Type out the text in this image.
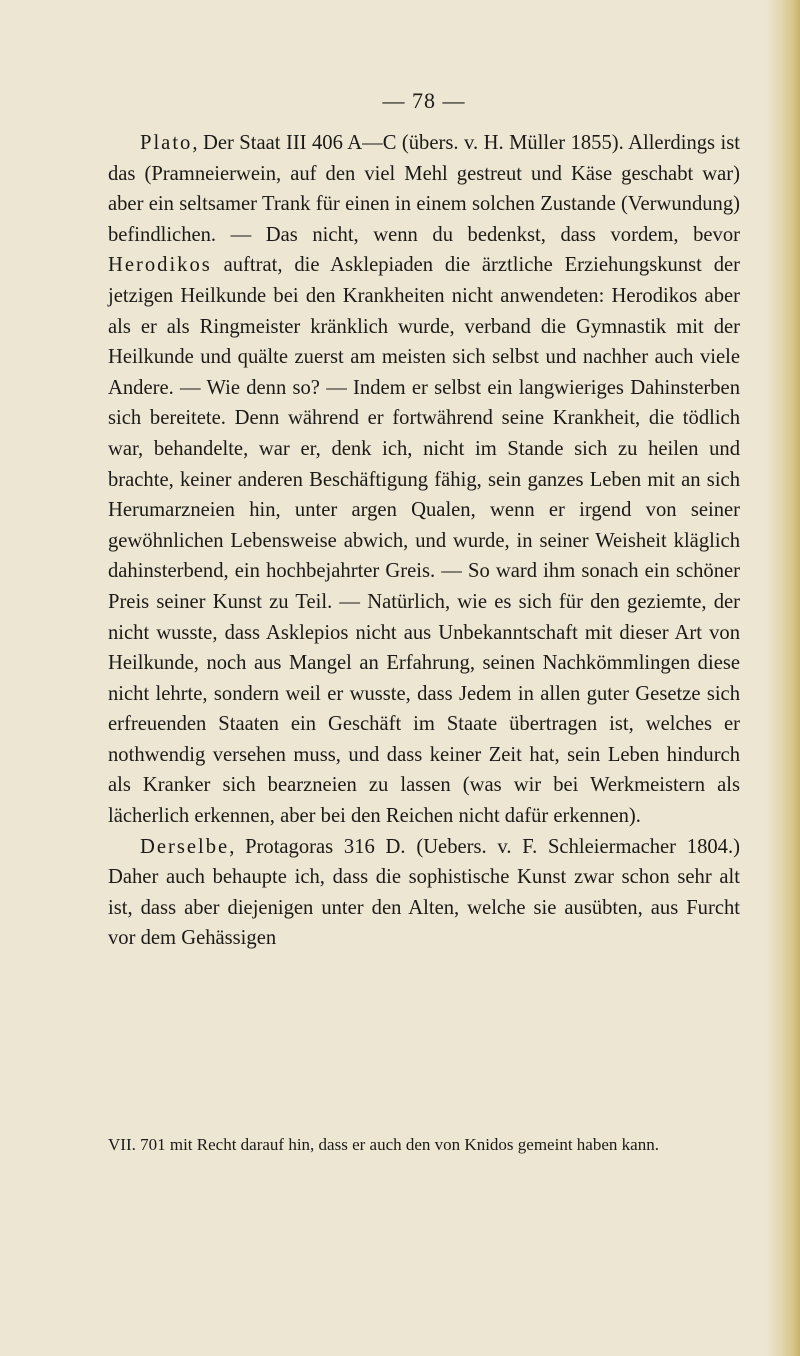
— 78 —

Plato, Der Staat III 406 A—C (übers. v. H. Müller 1855). Allerdings ist das (Pramneierwein, auf den viel Mehl gestreut und Käse geschabt war) aber ein seltsamer Trank für einen in einem solchen Zustande (Verwundung) befindlichen. — Das nicht, wenn du bedenkst, dass vordem, bevor Herodikos auftrat, die Asklepiaden die ärztliche Erziehungskunst der jetzigen Heilkunde bei den Krankheiten nicht anwendeten: Herodikos aber als er als Ringmeister kränklich wurde, verband die Gymnastik mit der Heilkunde und quälte zuerst am meisten sich selbst und nachher auch viele Andere. — Wie denn so? — Indem er selbst ein langwieriges Dahinsterben sich bereitete. Denn während er fortwährend seine Krankheit, die tödlich war, behandelte, war er, denk ich, nicht im Stande sich zu heilen und brachte, keiner anderen Beschäftigung fähig, sein ganzes Leben mit an sich Herumarzneien hin, unter argen Qualen, wenn er irgend von seiner gewöhnlichen Lebensweise abwich, und wurde, in seiner Weisheit kläglich dahinsterbend, ein hochbejahrter Greis. — So ward ihm sonach ein schöner Preis seiner Kunst zu Teil. — Natürlich, wie es sich für den geziemte, der nicht wusste, dass Asklepios nicht aus Unbekanntschaft mit dieser Art von Heilkunde, noch aus Mangel an Erfahrung, seinen Nachkömmlingen diese nicht lehrte, sondern weil er wusste, dass Jedem in allen guter Gesetze sich erfreuenden Staaten ein Geschäft im Staate übertragen ist, welches er nothwendig versehen muss, und dass keiner Zeit hat, sein Leben hindurch als Kranker sich bearzneien zu lassen (was wir bei Werkmeistern als lächerlich erkennen, aber bei den Reichen nicht dafür erkennen).

Derselbe, Protagoras 316 D. (Uebers. v. F. Schleiermacher 1804.) Daher auch behaupte ich, dass die sophistische Kunst zwar schon sehr alt ist, dass aber diejenigen unter den Alten, welche sie ausübten, aus Furcht vor dem Gehässigen

VII. 701 mit Recht darauf hin, dass er auch den von Knidos gemeint haben kann.
